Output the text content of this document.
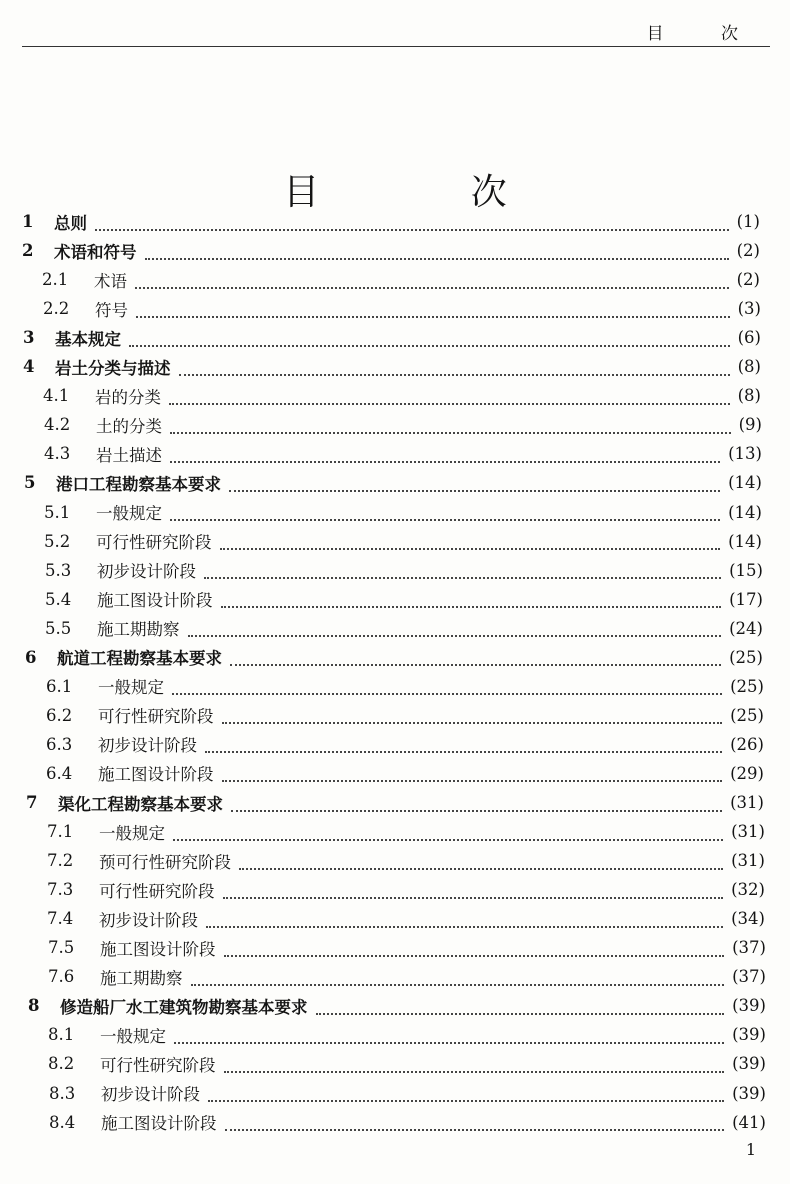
目 次
目 次
1	总则	(1)
2	术语和符号	(2)
2.1	术语	(2)
2.2	符号	(3)
3	基本规定	(6)
4	岩土分类与描述	(8)
4.1	岩的分类	(8)
4.2	土的分类	(9)
4.3	岩土描述	(13)
5	港口工程勘察基本要求	(14)
5.1	一般规定	(14)
5.2	可行性研究阶段	(14)
5.3	初步设计阶段	(15)
5.4	施工图设计阶段	(17)
5.5	施工期勘察	(24)
6	航道工程勘察基本要求	(25)
6.1	一般规定	(25)
6.2	可行性研究阶段	(25)
6.3	初步设计阶段	(26)
6.4	施工图设计阶段	(29)
7	渠化工程勘察基本要求	(31)
7.1	一般规定	(31)
7.2	预可行性研究阶段	(31)
7.3	可行性研究阶段	(32)
7.4	初步设计阶段	(34)
7.5	施工图设计阶段	(37)
7.6	施工期勘察	(37)
8	修造船厂水工建筑物勘察基本要求	(39)
8.1	一般规定	(39)
8.2	可行性研究阶段	(39)
8.3	初步设计阶段	(39)
8.4	施工图设计阶段	(41)
1
